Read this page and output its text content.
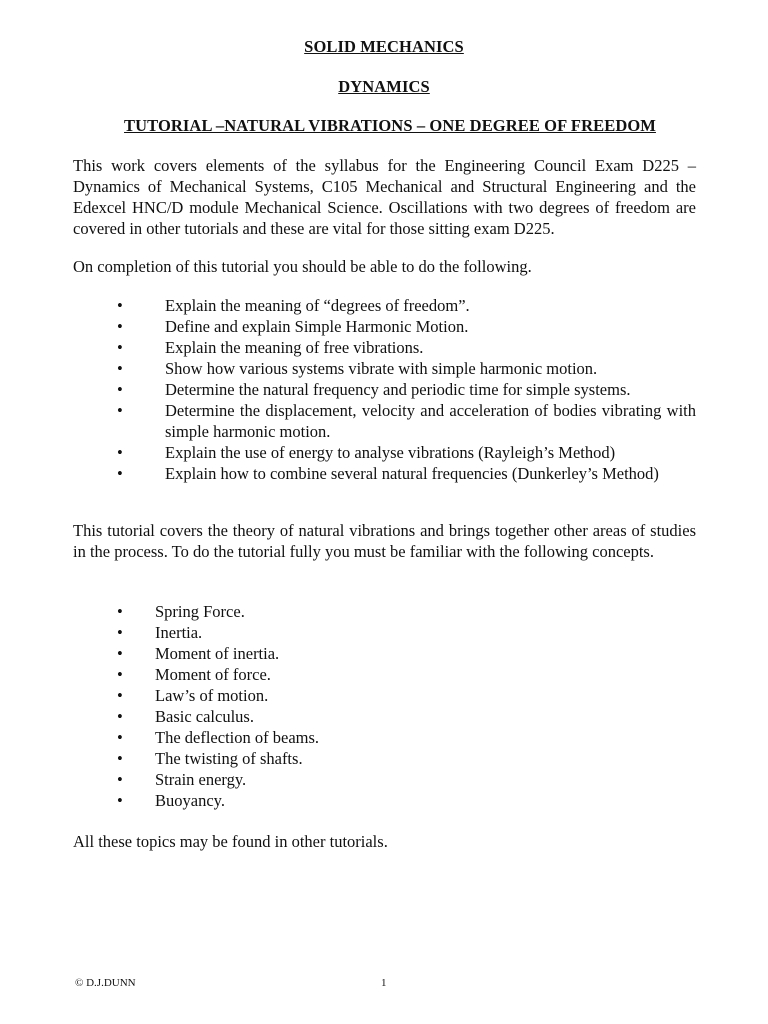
SOLID MECHANICS
DYNAMICS
TUTORIAL –NATURAL VIBRATIONS – ONE DEGREE OF FREEDOM

This work covers elements of the syllabus for the Engineering Council Exam D225 – Dynamics of Mechanical Systems, C105 Mechanical and Structural Engineering and the Edexcel HNC/D module Mechanical Science. Oscillations with two degrees of freedom are covered in other tutorials and these are vital for those sitting exam D225.

On completion of this tutorial you should be able to do the following.

•	Explain the meaning of “degrees of freedom”.
•	Define and explain Simple Harmonic Motion.
•	Explain the meaning of free vibrations.
•	Show how various systems vibrate with simple harmonic motion.
•	Determine the natural frequency and periodic time for simple systems.
•	Determine the displacement, velocity and acceleration of bodies vibrating with simple harmonic motion.
•	Explain the use of energy to analyse vibrations (Rayleigh’s Method)
•	Explain how to combine several natural frequencies (Dunkerley’s Method)

This tutorial covers the theory of natural vibrations and brings together other areas of studies in the process. To do the tutorial fully you must be familiar with the following concepts.

• Spring Force.
• Inertia.
• Moment of inertia.
• Moment of force.
• Law’s of motion.
• Basic calculus.
• The deflection of beams.
• The twisting of shafts.
• Strain energy.
• Buoyancy.

All these topics may be found in other tutorials.

© D.J.DUNN	1
